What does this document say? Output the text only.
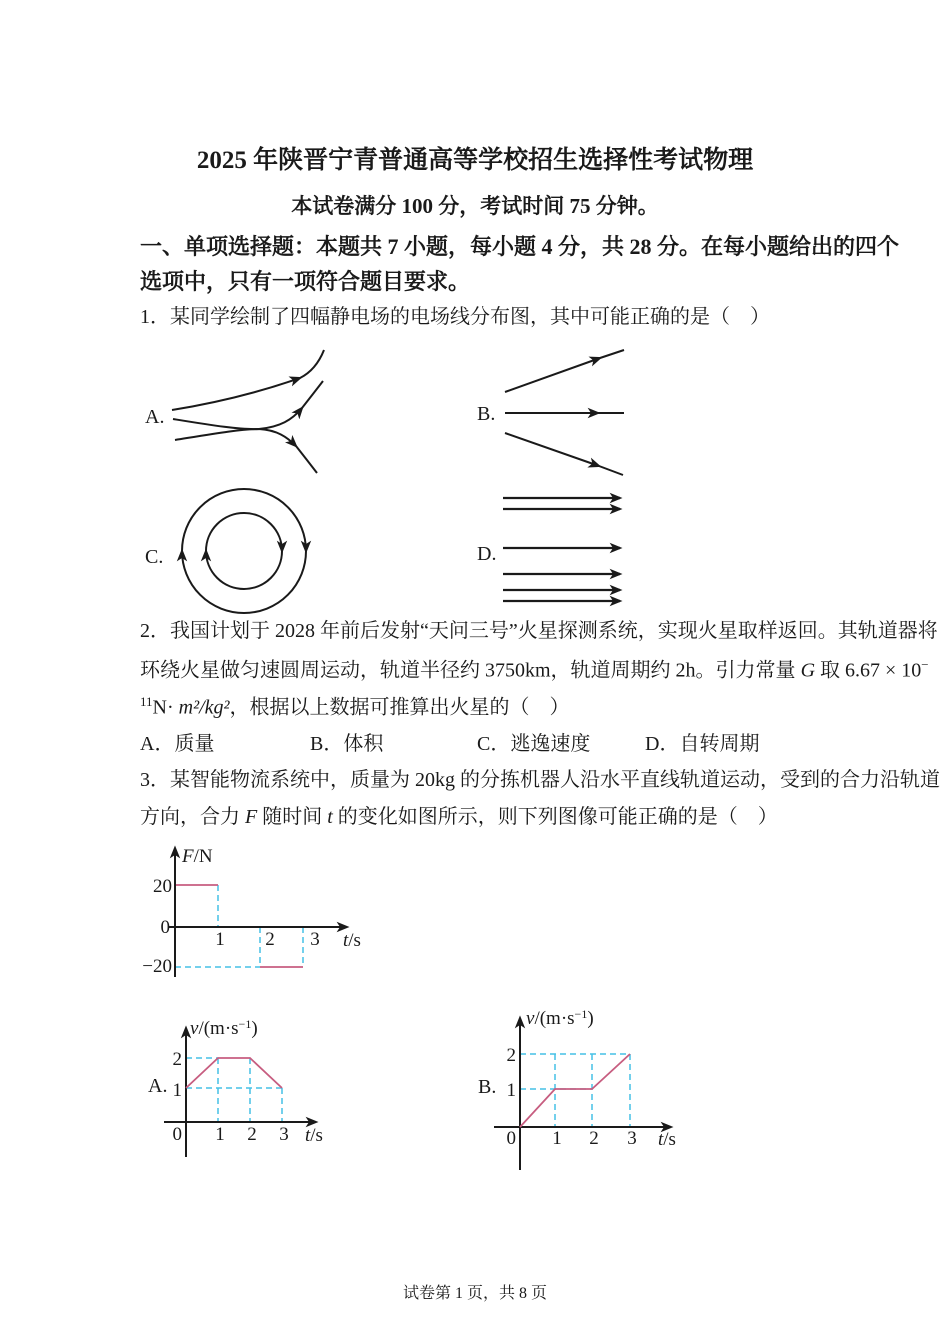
2025 年陕晋宁青普通高等学校招生选择性考试物理
本试卷满分 100 分，考试时间 75 分钟。
一、单项选择题：本题共 7 小题，每小题 4 分，共 28 分。在每小题给出的四个
选项中，只有一项符合题目要求。
1．某同学绘制了四幅静电场的电场线分布图，其中可能正确的是（　）
A.	B.
C.	D.
2．我国计划于 2028 年前后发射“天问三号”火星探测系统，实现火星取样返回。其轨道器将
环绕火星做匀速圆周运动，轨道半径约 3750km，轨道周期约 2h。引力常量 G 取 6.67 × 10−
$^{11}$N· m²/kg²，根据以上数据可推算出火星的（　）
A．质量	B．体积	C．逃逸速度	D．自转周期
3．某智能物流系统中，质量为 20kg 的分拣机器人沿水平直线轨道运动，受到的合力沿轨道
方向，合力 F 随时间 t 的变化如图所示，则下列图像可能正确的是（　）
F/N
20
0
−20
1 2 3 t/s
$v/(m\cdot s^{-1})$
2
1
0 1 2 3 t/s
A.
$v/(m\cdot s^{-1})$
2
1
0 1 2 3 t/s
B.
试卷第 1 页，共 8 页
